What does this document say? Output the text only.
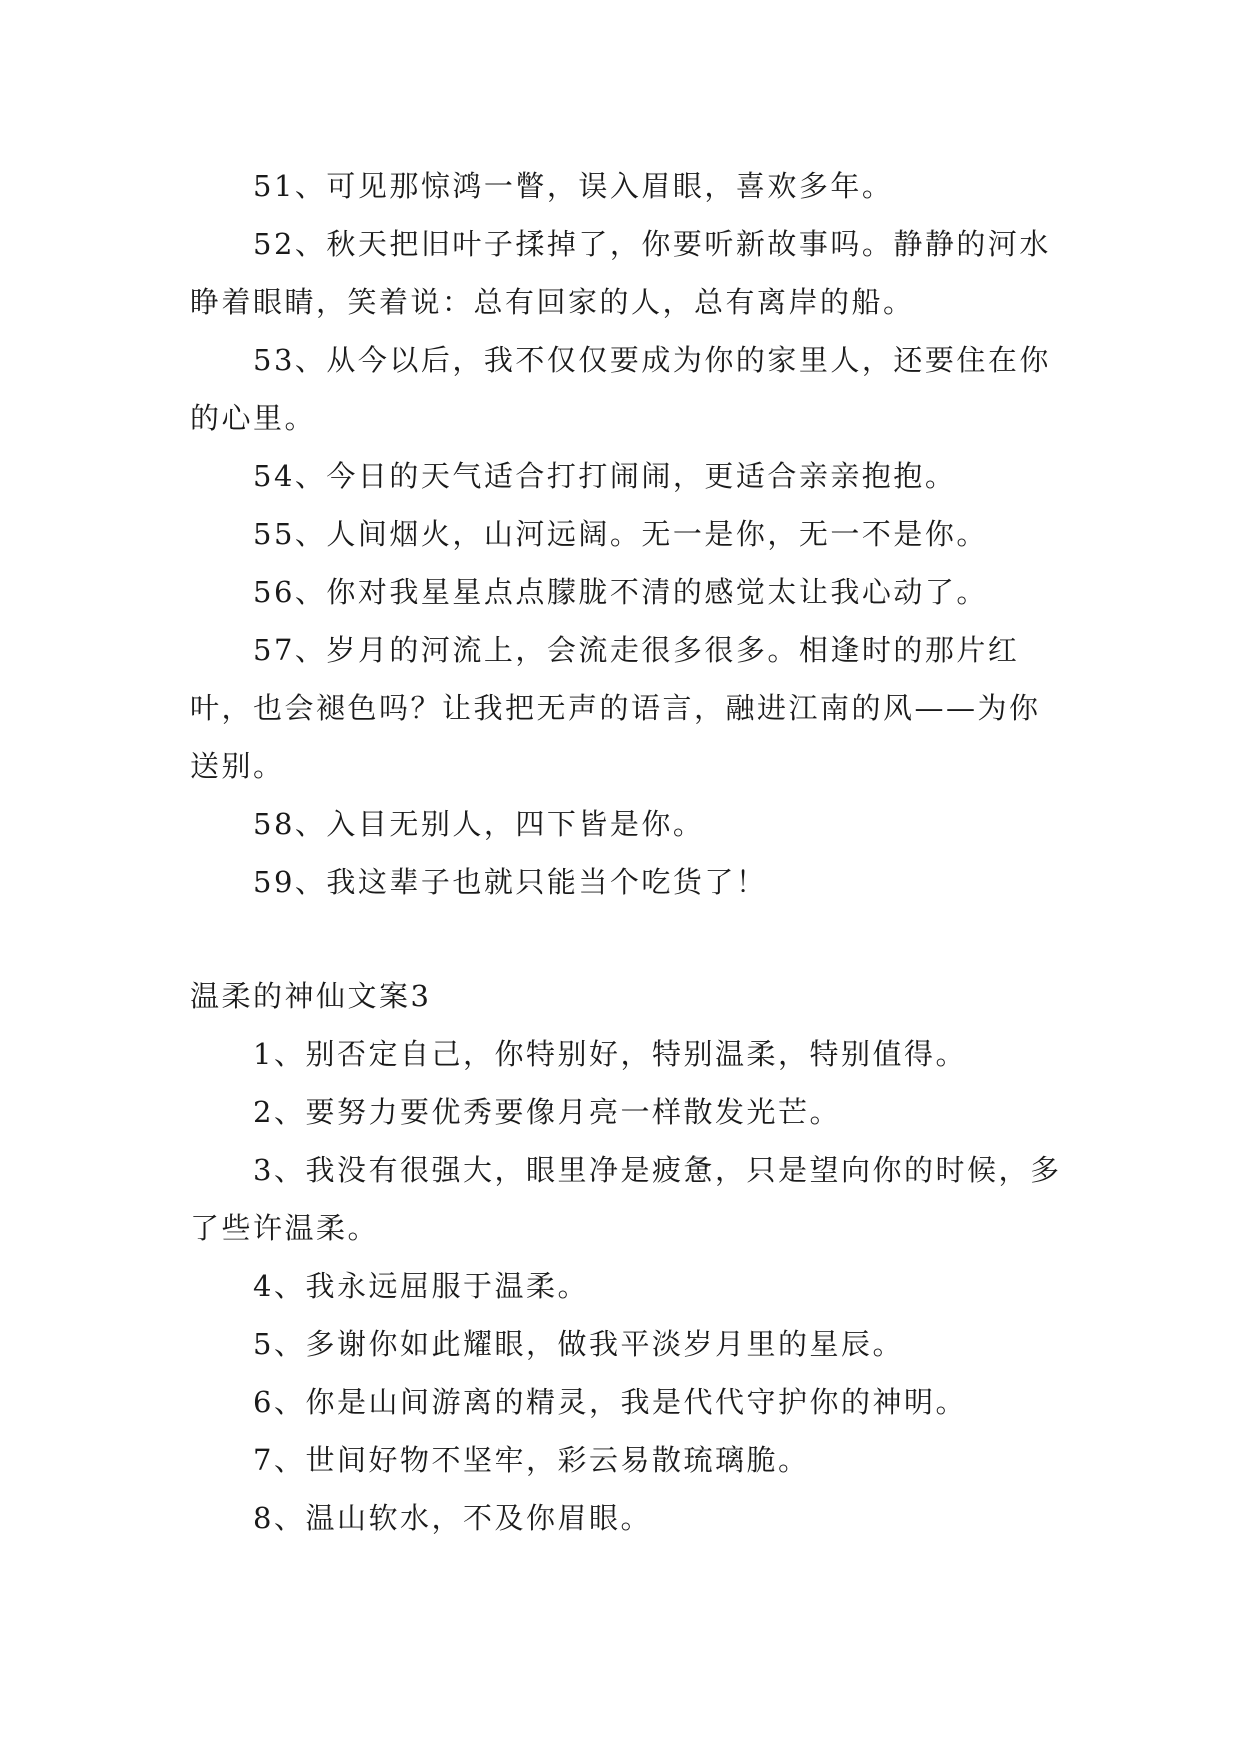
51、可见那惊鸿一瞥，误入眉眼，喜欢多年。

52、秋天把旧叶子揉掉了，你要听新故事吗。静静的河水睁着眼睛，笑着说：总有回家的人，总有离岸的船。

53、从今以后，我不仅仅要成为你的家里人，还要住在你的心里。

54、今日的天气适合打打闹闹，更适合亲亲抱抱。

55、人间烟火，山河远阔。无一是你，无一不是你。

56、你对我星星点点朦胧不清的感觉太让我心动了。

57、岁月的河流上，会流走很多很多。相逢时的那片红叶，也会褪色吗？让我把无声的语言，融进江南的风——为你送别。

58、入目无别人，四下皆是你。

59、我这辈子也就只能当个吃货了！

温柔的神仙文案3

1、别否定自己，你特别好，特别温柔，特别值得。

2、要努力要优秀要像月亮一样散发光芒。

3、我没有很强大，眼里净是疲惫，只是望向你的时候，多了些许温柔。

4、我永远屈服于温柔。

5、多谢你如此耀眼，做我平淡岁月里的星辰。

6、你是山间游离的精灵，我是代代守护你的神明。

7、世间好物不坚牢，彩云易散琉璃脆。

8、温山软水，不及你眉眼。
